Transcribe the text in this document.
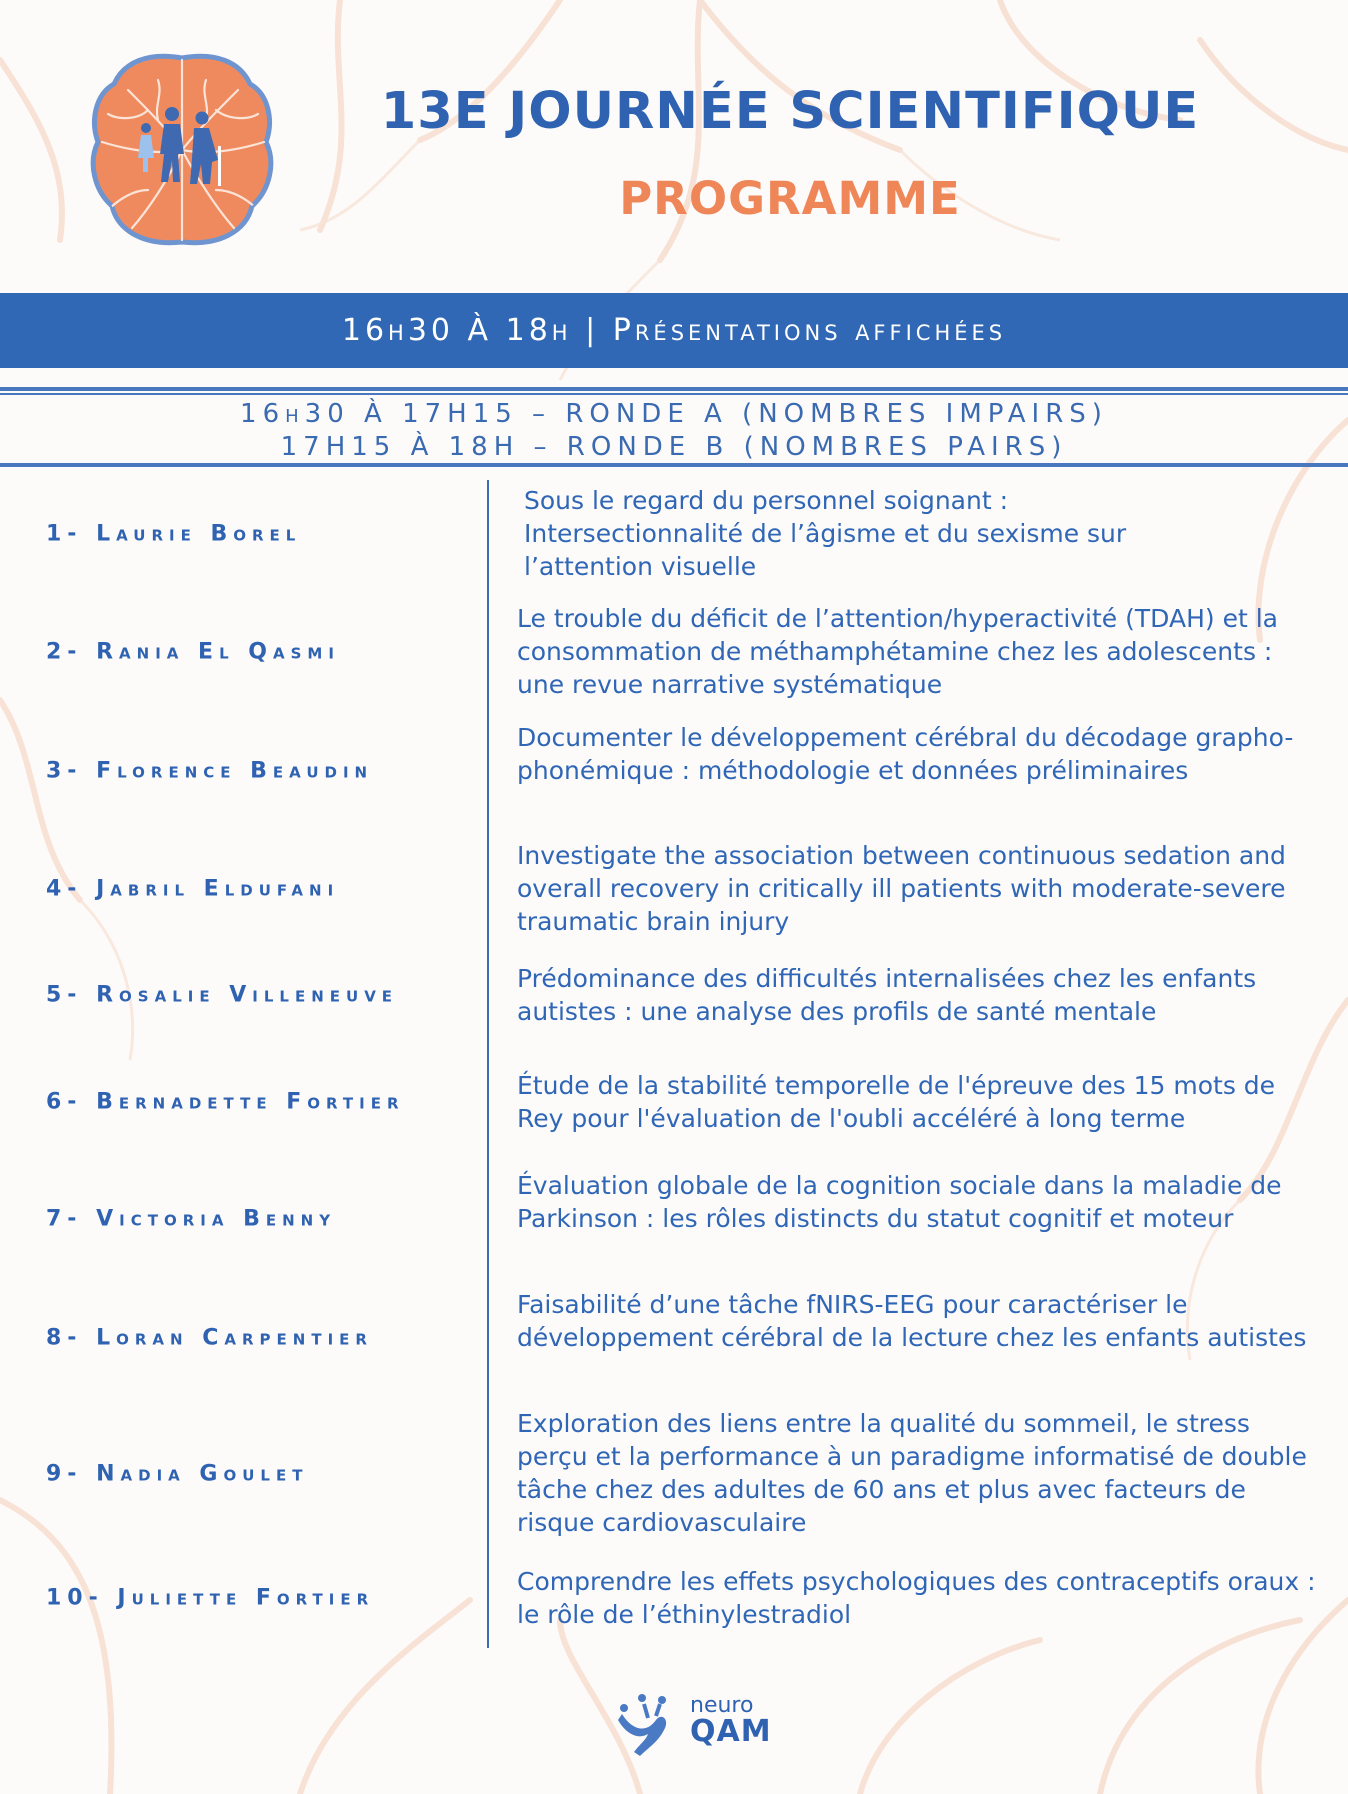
13E JOURNÉE SCIENTIFIQUE
PROGRAMME
16h30 À 18h | Présentations affichées
16h30 À 17H15 – RONDE A (NOMBRES IMPAIRS)
17H15 À 18H – RONDE B (NOMBRES PAIRS)
1- Laurie Borel
Sous le regard du personnel soignant : Intersectionnalité de l’âgisme et du sexisme sur l’attention visuelle
2- Rania El Qasmi
Le trouble du déficit de l’attention/hyperactivité (TDAH) et la consommation de méthamphétamine chez les adolescents : une revue narrative systématique
3- Florence Beaudin
Documenter le développement cérébral du décodage grapho-phonémique : méthodologie et données préliminaires
4- Jabril Eldufani
Investigate the association between continuous sedation and overall recovery in critically ill patients with moderate-severe traumatic brain injury
5- Rosalie Villeneuve
Prédominance des difficultés internalisées chez les enfants autistes : une analyse des profils de santé mentale
6- Bernadette Fortier
Étude de la stabilité temporelle de l'épreuve des 15 mots de Rey pour l'évaluation de l'oubli accéléré à long terme
7- Victoria Benny
Évaluation globale de la cognition sociale dans la maladie de Parkinson : les rôles distincts du statut cognitif et moteur
8- Loran Carpentier
Faisabilité d’une tâche fNIRS-EEG pour caractériser le développement cérébral de la lecture chez les enfants autistes
9- Nadia Goulet
Exploration des liens entre la qualité du sommeil, le stress perçu et la performance à un paradigme informatisé de double tâche chez des adultes de 60 ans et plus avec facteurs de risque cardiovasculaire
10- Juliette Fortier
Comprendre les effets psychologiques des contraceptifs oraux : le rôle de l’éthinylestradiol
neuro
QAM
